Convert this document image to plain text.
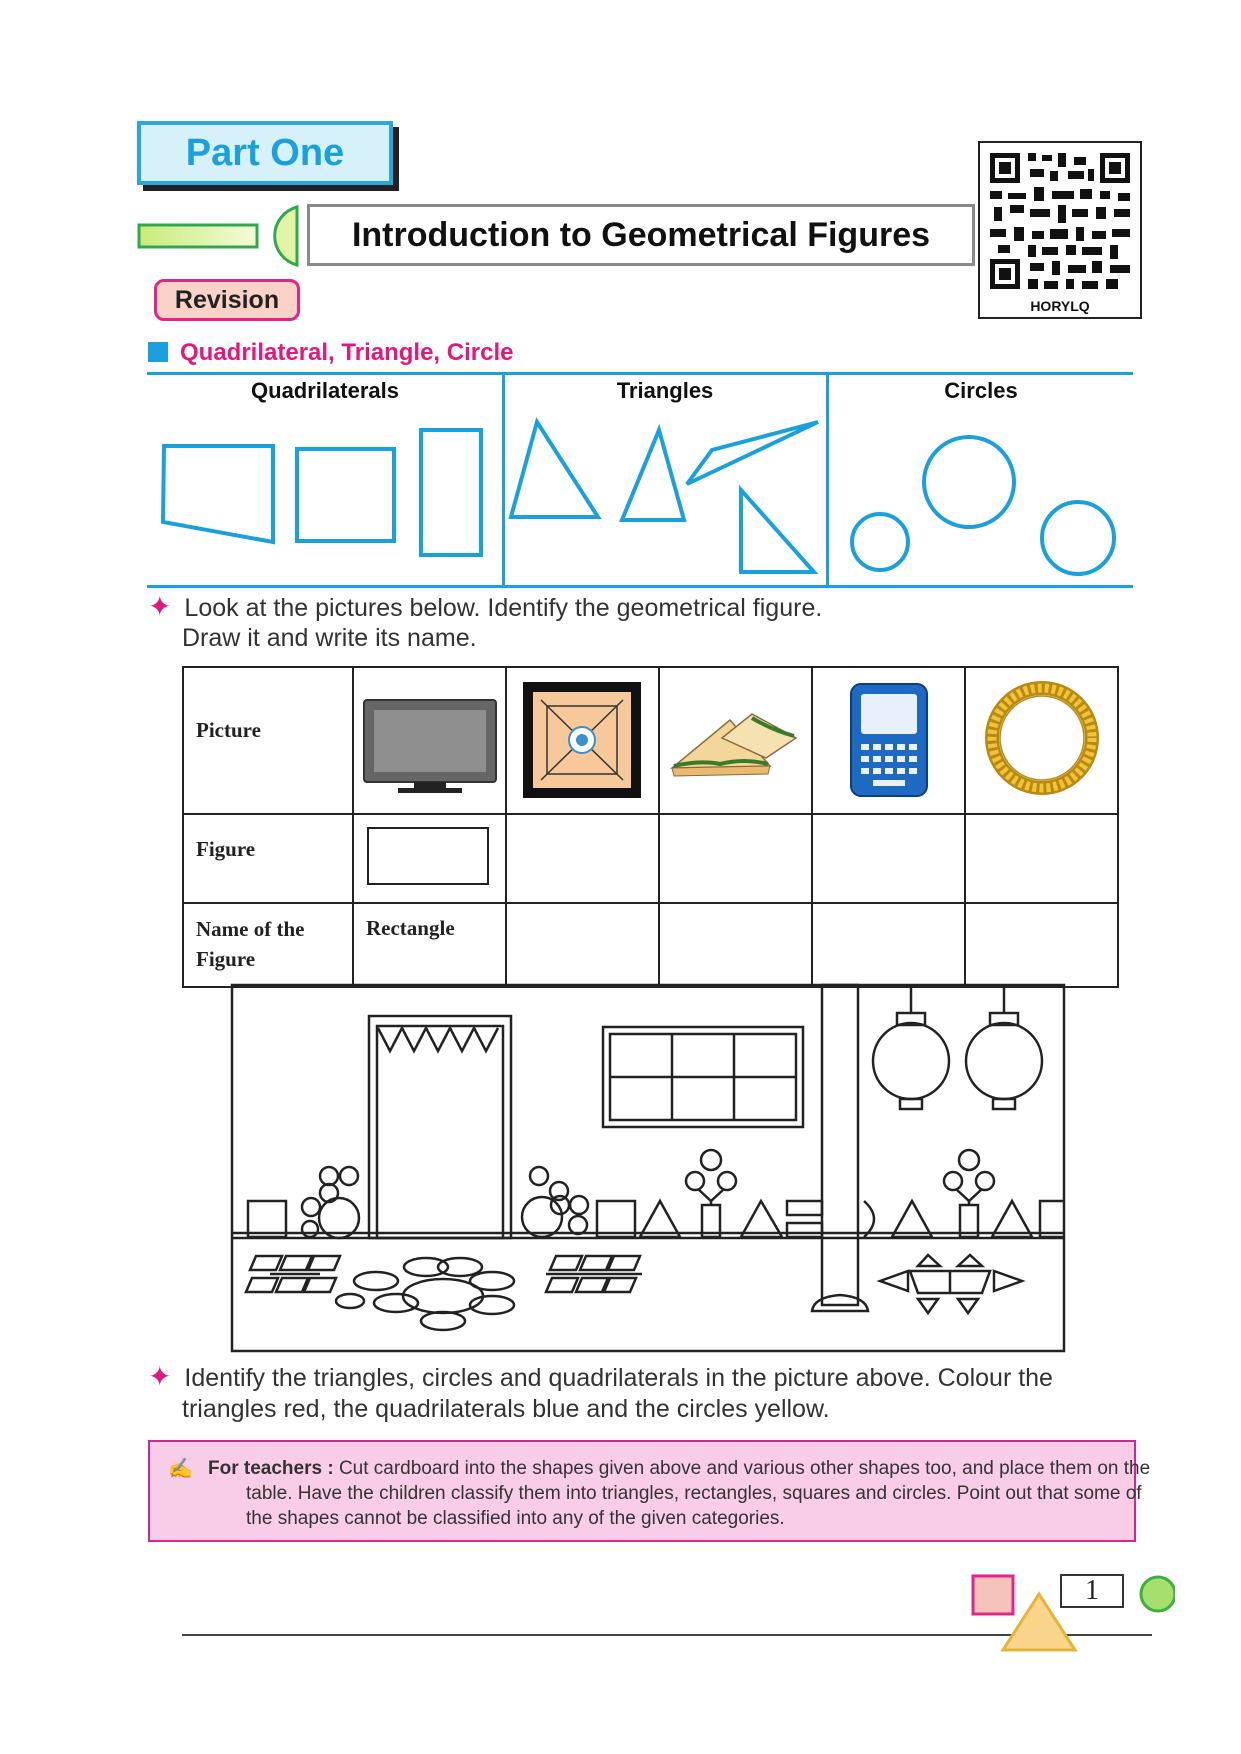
Part One
Introduction to Geometrical Figures
HORYLQ
Revision
Quadrilateral, Triangle, Circle
Quadrilaterals	Triangles	Circles
✦ Look at the pictures below. Identify the geometrical figure.
Draw it and write its name.
Picture

Figure

Name of the Figure	Rectangle				

✦ Identify the triangles, circles and quadrilaterals in the picture above. Colour the
triangles red, the quadrilaterals blue and the circles yellow.
✍ For teachers : Cut cardboard into the shapes given above and various other shapes too, and place them on the table. Have the children classify them into triangles, rectangles, squares and circles. Point out that some of the shapes cannot be classified into any of the given categories.

1
